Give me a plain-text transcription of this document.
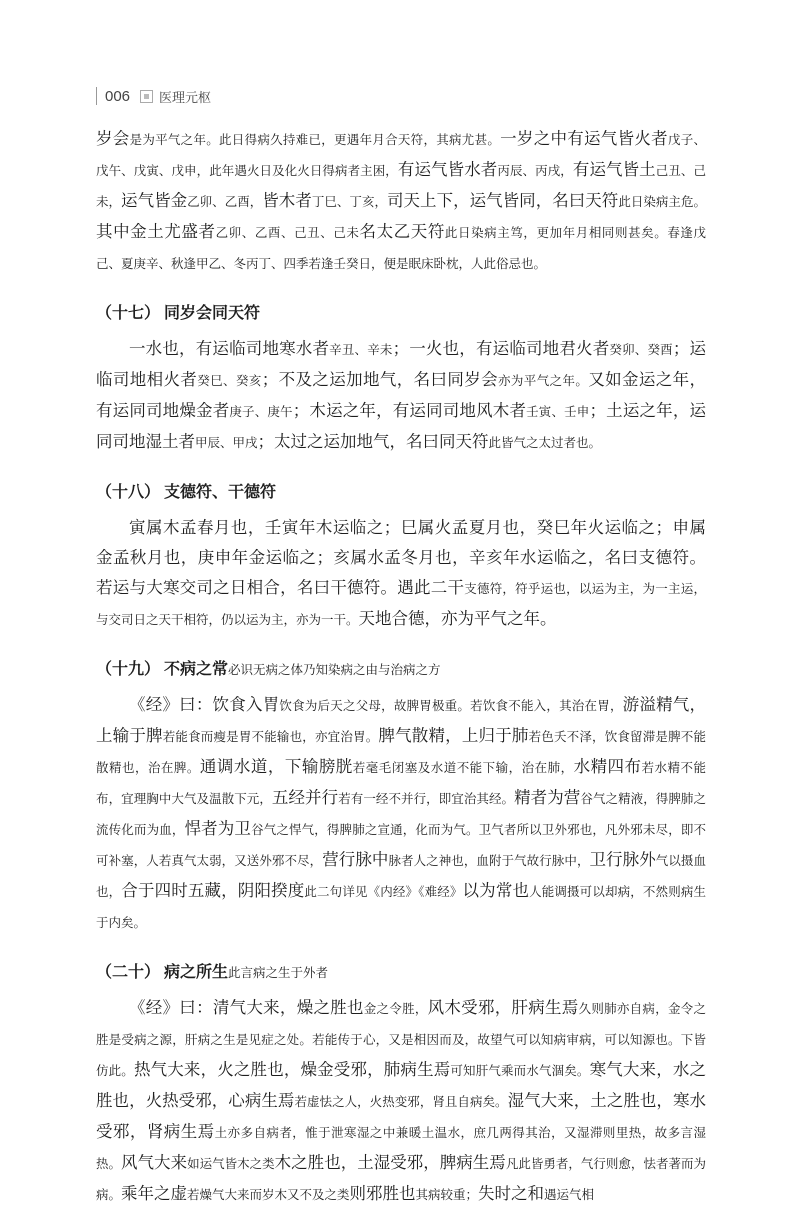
006 医理元枢

岁会是为平气之年。此日得病久持难已，更遇年月合天符，其病尤甚。一岁之中有运气皆火者戊子、戊午、戊寅、戊申，此年遇火日及化火日得病者主困，有运气皆水者丙辰、丙戌，有运气皆土己丑、己未，运气皆金乙卯、乙酉，皆木者丁巳、丁亥，司天上下，运气皆同，名曰天符此日染病主危。其中金土尤盛者乙卯、乙酉、己丑、己未名太乙天符此日染病主笃，更加年月相同则甚矣。春逢戊己、夏庚辛、秋逢甲乙、冬丙丁、四季若逢壬癸日，便是眠床卧枕，人此俗忌也。

（十七） 同岁会同天符

一水也，有运临司地寒水者辛丑、辛未；一火也，有运临司地君火者癸卯、癸酉；运临司地相火者癸巳、癸亥；不及之运加地气，名曰同岁会亦为平气之年。又如金运之年，有运同司地燥金者庚子、庚午；木运之年，有运同司地风木者壬寅、壬申；土运之年，运同司地湿土者甲辰、甲戌；太过之运加地气，名曰同天符此皆气之太过者也。

（十八） 支德符、干德符

寅属木孟春月也，壬寅年木运临之；巳属火孟夏月也，癸巳年火运临之；申属金孟秋月也，庚申年金运临之；亥属水孟冬月也，辛亥年水运临之，名曰支德符。若运与大寒交司之日相合，名曰干德符。遇此二干支德符，符乎运也，以运为主，为一主运，与交司日之天干相符，仍以运为主，亦为一干。天地合德，亦为平气之年。

（十九） 不病之常必识无病之体乃知染病之由与治病之方

《经》曰：饮食入胃饮食为后天之父母，故脾胃极重。若饮食不能入，其治在胃，游溢精气，上输于脾若能食而瘦是胃不能输也，亦宜治胃。脾气散精，上归于肺若色夭不泽，饮食留滞是脾不能散精也，治在脾。通调水道，下输膀胱若毫毛闭塞及水道不能下输，治在肺，水精四布若水精不能布，宜理胸中大气及温散下元，五经并行若有一经不并行，即宜治其经。精者为营谷气之精液，得脾肺之流传化而为血，悍者为卫谷气之悍气，得脾肺之宣通，化而为气。卫气者所以卫外邪也，凡外邪未尽，即不可补塞，人若真气太弱，又送外邪不尽，营行脉中脉者人之神也，血附于气故行脉中，卫行脉外气以摄血也，合于四时五藏，阴阳揆度此二句详见《内经》《难经》以为常也人能调摄可以却病，不然则病生于内矣。

（二十） 病之所生此言病之生于外者

《经》曰：清气大来，燥之胜也金之令胜，风木受邪，肝病生焉久则肺亦自病，金令之胜是受病之源，肝病之生是见症之处。若能传于心，又是相因而及，故望气可以知病审病，可以知源也。下皆仿此。热气大来，火之胜也，燥金受邪，肺病生焉可知肝气乘而水气涸矣。寒气大来，水之胜也，火热受邪，心病生焉若虚怯之人，火热变邪，肾且自病矣。湿气大来，土之胜也，寒水受邪，肾病生焉土亦多自病者，惟于泄寒湿之中兼暖土温水，庶几两得其治，又湿滞则里热，故多言湿热。风气大来如运气皆木之类木之胜也，土湿受邪，脾病生焉凡此皆勇者，气行则愈，怯者著而为病。乘年之虚若燥气大来而岁木又不及之类则邪胜也其病较重；失时之和遇运气相
